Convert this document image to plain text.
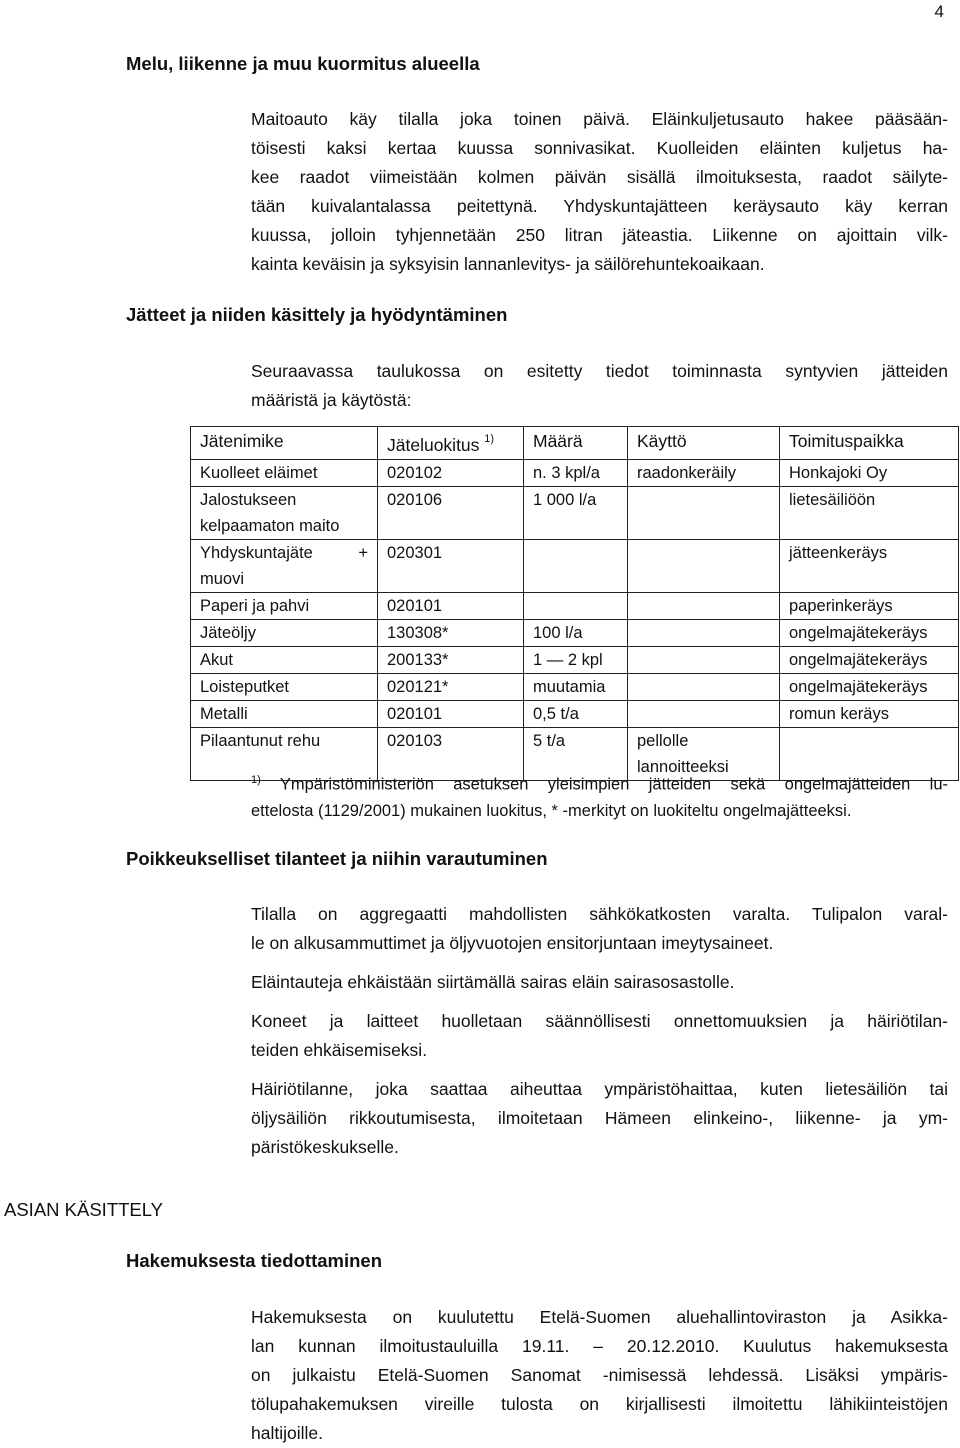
4
Melu, liikenne ja muu kuormitus alueella
Maitoauto käy tilalla joka toinen päivä. Eläinkuljetusauto hakee pääsään-
töisesti kaksi kertaa kuussa sonnivasikat. Kuolleiden eläinten kuljetus ha-
kee raadot viimeistään kolmen päivän sisällä ilmoituksesta, raadot säilyte-
tään kuivalantalassa peitettynä. Yhdyskuntajätteen keräysauto käy kerran
kuussa, jolloin tyhjennetään 250 litran jäteastia. Liikenne on ajoittain vilk-
kainta keväisin ja syksyisin lannanlevitys- ja säilörehuntekoaikaan.
Jätteet ja niiden käsittely ja hyödyntäminen
Seuraavassa taulukossa on esitetty tiedot toiminnasta syntyvien jätteiden
määristä ja käytöstä:
Jätenimike	Jäteluokitus $^{1)}$	Määrä	Käyttö	Toimituspaikka
Kuolleet eläimet	020102	n. 3 kpl/a	raadonkeräily	Honkajoki Oy
Jalostukseen kelpaamaton maito	020106	1 000 l/a		lietesäiliöön
Yhdyskuntajäte + muovi	020301			jätteenkeräys
Paperi ja pahvi	020101			paperinkeräys
Jäteöljy	130308*	100 l/a		ongelmajätekeräys
Akut	200133*	1 — 2 kpl		ongelmajätekeräys
Loisteputket	020121*	muutamia		ongelmajätekeräys
Metalli	020101	0,5 t/a		romun keräys
Pilaantunut rehu	020103	5 t/a	pellolle lannoitteeksi	
$^{1)}$ Ympäristöministeriön asetuksen yleisimpien jätteiden sekä ongelmajätteiden lu-
ettelosta (1129/2001) mukainen luokitus, * -merkityt on luokiteltu ongelmajätteeksi.
Poikkeukselliset tilanteet ja niihin varautuminen

Tilalla on aggregaatti mahdollisten sähkökatkosten varalta. Tulipalon varal-
le on alkusammuttimet ja öljyvuotojen ensitorjuntaan imeytysaineet.

Eläintauteja ehkäistään siirtämällä sairas eläin sairasosastolle.

Koneet ja laitteet huolletaan säännöllisesti onnettomuuksien ja häiriötilan-
teiden ehkäisemiseksi.

Häiriötilanne, joka saattaa aiheuttaa ympäristöhaittaa, kuten lietesäiliön tai
öljysäiliön rikkoutumisesta, ilmoitetaan Hämeen elinkeino-, liikenne- ja ym-
päristökeskukselle.

ASIAN KÄSITTELY
Hakemuksesta tiedottaminen
Hakemuksesta on kuulutettu Etelä-Suomen aluehallintoviraston ja Asikka-
lan kunnan ilmoitustauluilla 19.11. – 20.12.2010. Kuulutus hakemuksesta
on julkaistu Etelä-Suomen Sanomat -nimisessä lehdessä. Lisäksi ympäris-
tölupahakemuksen vireille tulosta on kirjallisesti ilmoitettu lähikiinteistöjen
haltijoille.
